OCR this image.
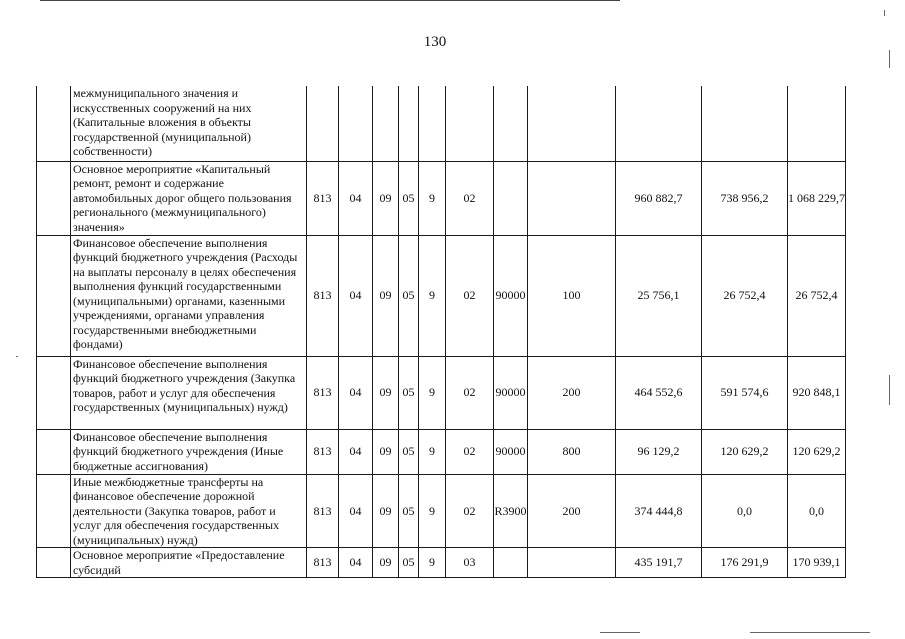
130
	межмуниципального значения и искусственных сооружений на них (Капитальные вложения в объекты государственной (муниципальной) собственности)											
	Основное мероприятие «Капитальный ремонт, ремонт и содержание автомобильных дорог общего пользования регионального (межмуниципального) значения»	813	04	09	05	9	02			960 882,7	738 956,2	1 068 229,7
	Финансовое обеспечение выполнения функций бюджетного учреждения (Расходы на выплаты персоналу в целях обеспечения выполнения функций государственными (муниципальными) органами, казенными учреждениями, органами управления государственными внебюджетными фондами)	813	04	09	05	9	02	90000	100	25 756,1	26 752,4	26 752,4
	Финансовое обеспечение выполнения функций бюджетного учреждения (Закупка товаров, работ и услуг для обеспечения государственных (муниципальных) нужд)	813	04	09	05	9	02	90000	200	464 552,6	591 574,6	920 848,1
	Финансовое обеспечение выполнения функций бюджетного учреждения (Иные бюджетные ассигнования)	813	04	09	05	9	02	90000	800	96 129,2	120 629,2	120 629,2
	Иные межбюджетные трансферты на финансовое обеспечение дорожной деятельности (Закупка товаров, работ и услуг для обеспечения государственных (муниципальных) нужд)	813	04	09	05	9	02	R3900	200	374 444,8	0,0	0,0
	Основное мероприятие «Предоставление субсидий	813	04	09	05	9	03			435 191,7	176 291,9	170 939,1
